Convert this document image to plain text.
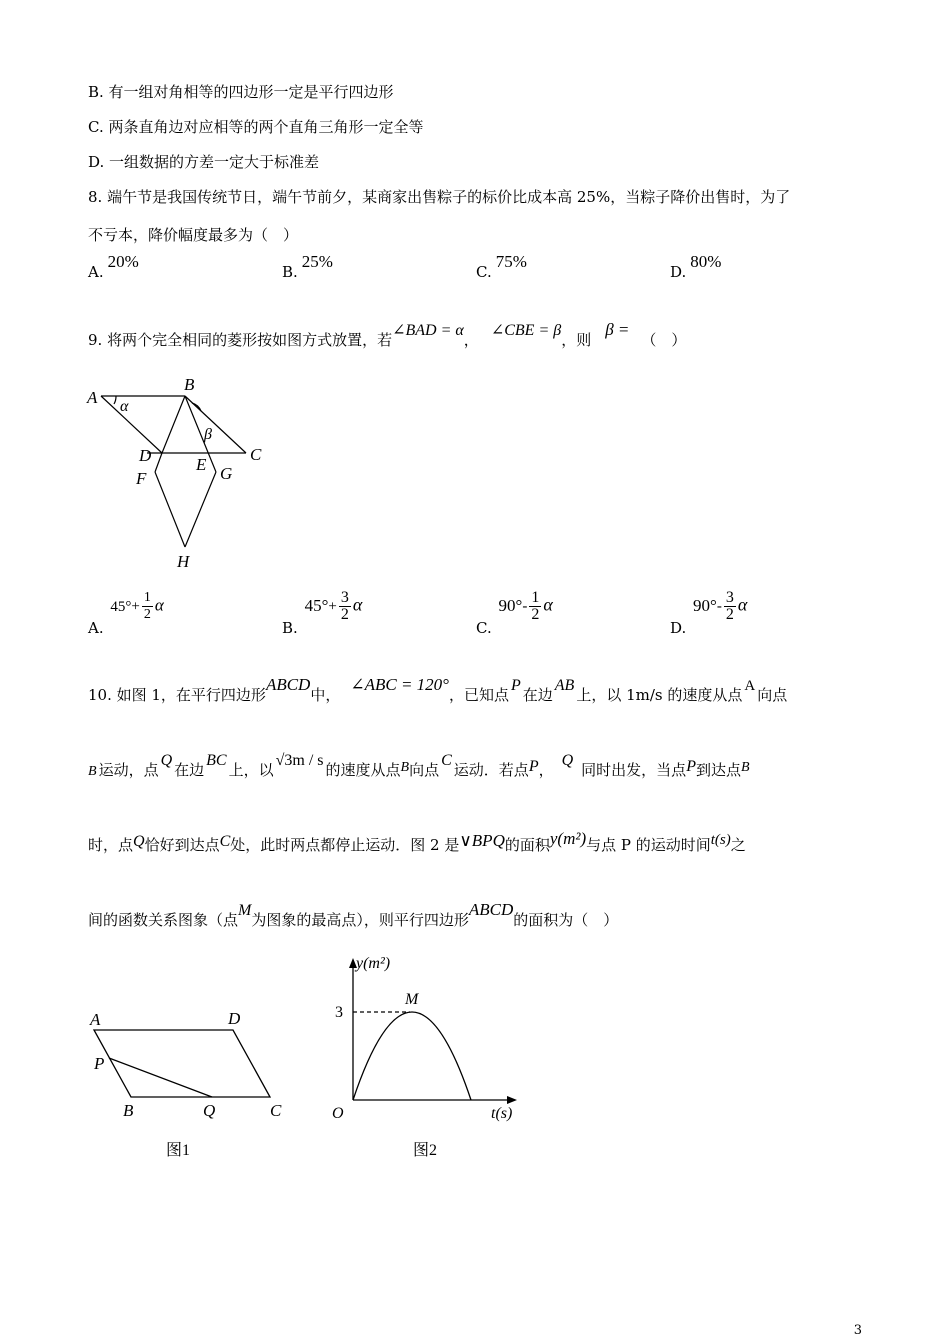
B. 有一组对角相等的四边形一定是平行四边形
C. 两条直角边对应相等的两个直角三角形一定全等
D. 一组数据的方差一定大于标准差
8. 端午节是我国传统节日，端午节前夕，某商家出售粽子的标价比成本高 25%，当粽子降价出售时，为了
不亏本，降价幅度最多为（　）
A.20%
B.25%
C.75%
D.80%
9. 将两个完全相同的菱形按如图方式放置，若∠BAD = α，∠CBE = β，则β =（　）
A
B
C
D	E
F	G
H
α
β
A. $45^\circ+ \frac{1}{2}$ α
B. $45^\circ+ \frac{3}{2}$ α
C. $90^\circ- \frac{1}{2}$ α
D. $90^\circ- \frac{3}{2}$ α
10. 如图 1，在平行四边形ABCD中，∠ABC = 120°，已知点P在边AB上，以 1m/s 的速度从点 A 向点
B 运动，点Q在边BC上，以√3m / s的速度从点B向点C运动．若点P，Q同时出发，当点P到达点B
时，点Q恰好到达点C处，此时两点都停止运动．图 2 是∨BPQ的面积y(m²)与点 P 的运动时间t(s)之
间的函数关系图象（点M为图象的最高点），则平行四边形ABCD的面积为（　）
A	D
P
B	Q	C
图1
y(m²)
t(s)
O
M
3
图2
3
